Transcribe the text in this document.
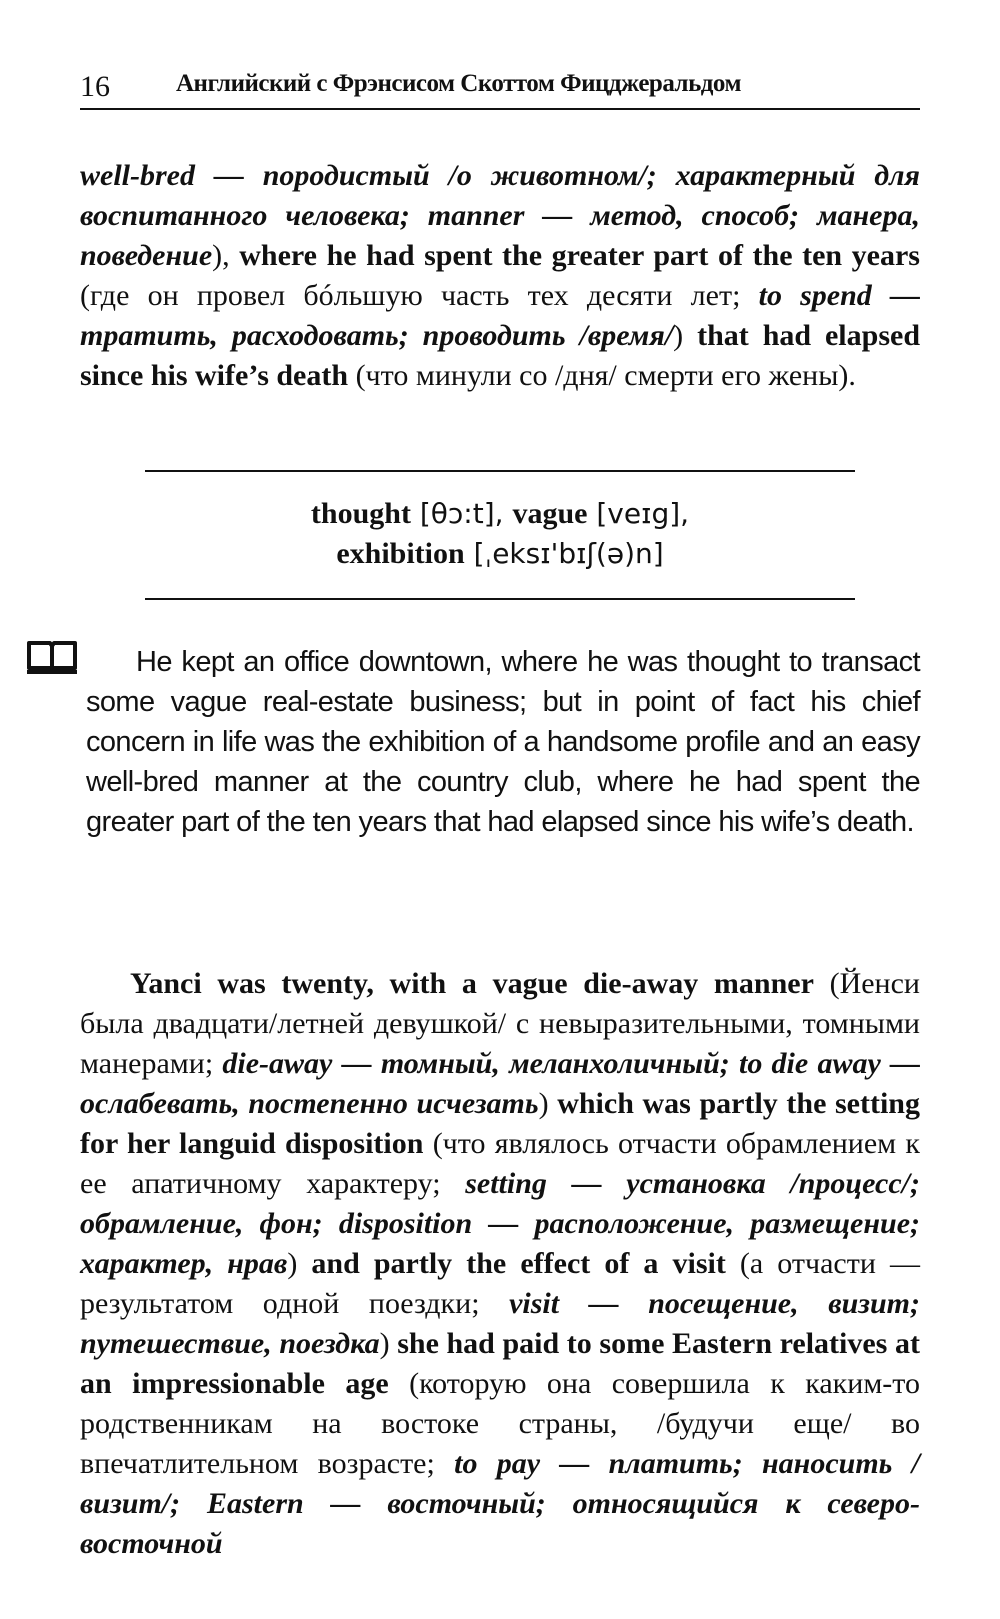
16	Английский с Фрэнсисом Скоттом Фицджеральдом

well-bred — породистый /о животном/; характерный для воспитанного человека; manner — метод, способ; манера, поведение), where he had spent the greater part of the ten years (где он провел бóльшую часть тех десяти лет; to spend — тратить, расходовать; проводить /время/) that had elapsed since his wife’s death (что минули со /дня/ смерти его жены).

thought [θɔ:t], vague [veɪg],
exhibition [ˌeksɪ'bɪʃ(ə)n]

He kept an office downtown, where he was thought to transact some vague real-estate business; but in point of fact his chief concern in life was the exhibition of a handsome profile and an easy well-bred manner at the country club, where he had spent the greater part of the ten years that had elapsed since his wife’s death.

Yanci was twenty, with a vague die-away manner (Йенси была двадцати/летней девушкой/ с невыразительными, томными манерами; die-away — томный, меланхоличный; to die away — ослабевать, постепенно исчезать) which was partly the setting for her languid disposition (что являлось отчасти обрамлением к ее апатичному характеру; setting — установка /процесс/; обрамление, фон; disposition — расположение, размещение; характер, нрав) and partly the effect of a visit (а отчасти — результатом одной поездки; visit — посещение, визит; путешествие, поездка) she had paid to some Eastern relatives at an impressionable age (которую она совершила к каким-то родственникам на востоке страны, /будучи еще/ во впечатлительном возрасте; to pay — платить; наносить /визит/; Eastern — восточный; относящийся к северо-восточной
